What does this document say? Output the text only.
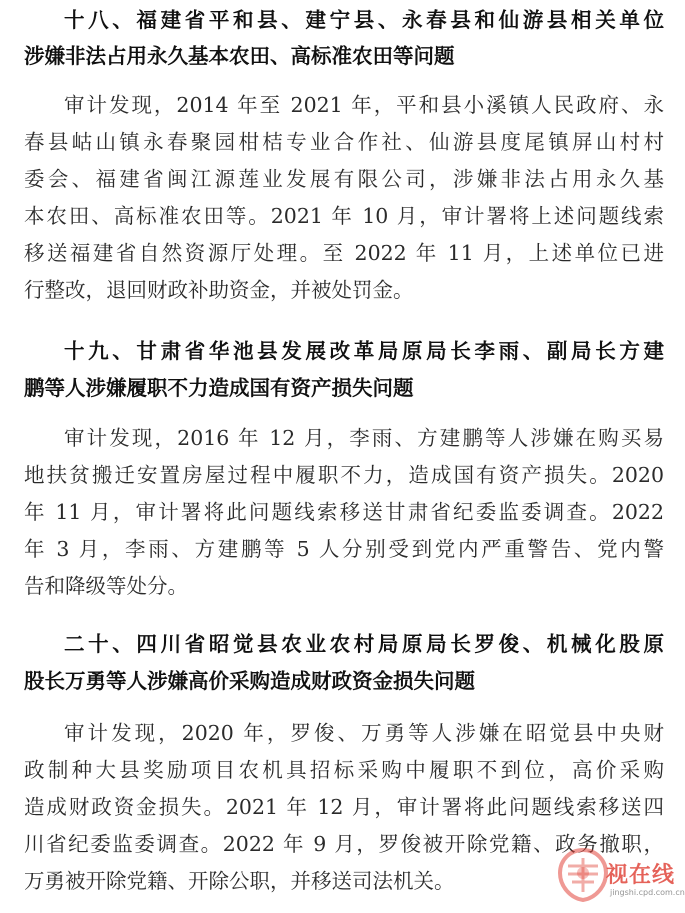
十八、福建省平和县、建宁县、永春县和仙游县相关单位
涉嫌非法占用永久基本农田、高标准农田等问题
审计发现，2014 年至 2021 年，平和县小溪镇人民政府、永
春县岵山镇永春聚园柑桔专业合作社、仙游县度尾镇屏山村村
委会、福建省闽江源莲业发展有限公司，涉嫌非法占用永久基
本农田、高标准农田等。2021 年 10 月，审计署将上述问题线索
移送福建省自然资源厅处理。至 2022 年 11 月，上述单位已进
行整改，退回财政补助资金，并被处罚金。
十九、甘肃省华池县发展改革局原局长李雨、副局长方建
鹏等人涉嫌履职不力造成国有资产损失问题
审计发现，2016 年 12 月，李雨、方建鹏等人涉嫌在购买易
地扶贫搬迁安置房屋过程中履职不力，造成国有资产损失。2020
年 11 月，审计署将此问题线索移送甘肃省纪委监委调查。2022
年 3 月，李雨、方建鹏等 5 人分别受到党内严重警告、党内警
告和降级等处分。
二十、四川省昭觉县农业农村局原局长罗俊、机械化股原
股长万勇等人涉嫌高价采购造成财政资金损失问题
审计发现，2020 年，罗俊、万勇等人涉嫌在昭觉县中央财
政制种大县奖励项目农机具招标采购中履职不到位，高价采购
造成财政资金损失。2021 年 12 月，审计署将此问题线索移送四
川省纪委监委调查。2022 年 9 月，罗俊被开除党籍、政务撤职，
万勇被开除党籍、开除公职，并移送司法机关。	视在线
jingshi.cpd.com.cn
